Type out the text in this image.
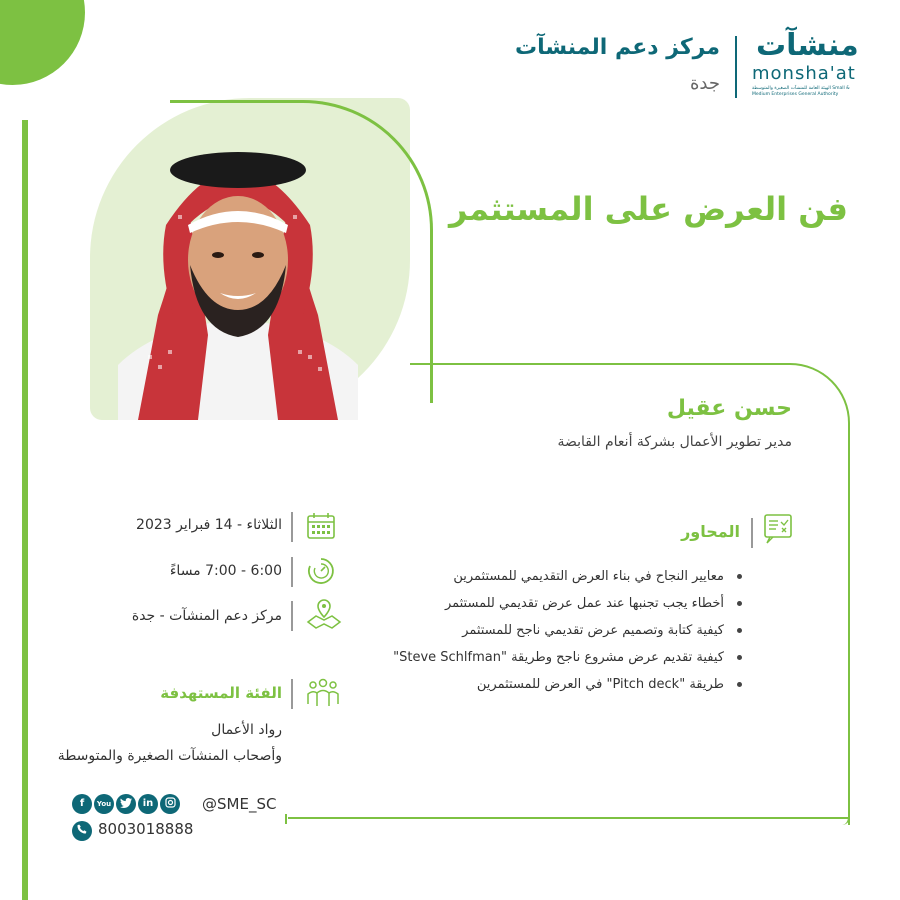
مركز دعم المنشآت
جدة
منشآت
monsha'at
الهيئة العامة للمنشآت الصغيرة والمتوسطة Small & Medium Enterprises General Authority
فن العرض على المستثمر
حسن عقيل
مدير تطوير الأعمال بشركة أنعام القابضة
المحاور
معايير النجاح في بناء العرض التقديمي للمستثمرين
أخطاء يجب تجنبها عند عمل عرض تقديمي للمستثمر
كيفية كتابة وتصميم عرض تقديمي ناجح للمستثمر
كيفية تقديم عرض مشروع ناجح وطريقة "Steve Schlfman"
طريقة "Pitch deck" في العرض للمستثمرين
الثلاثاء - 14 فبراير 2023
6:00 - 7:00 مساءً
مركز دعم المنشآت - جدة
الفئة المستهدفة
رواد الأعمال
وأصحاب المنشآت الصغيرة والمتوسطة
f You	in	@SME_SC
8003018888
